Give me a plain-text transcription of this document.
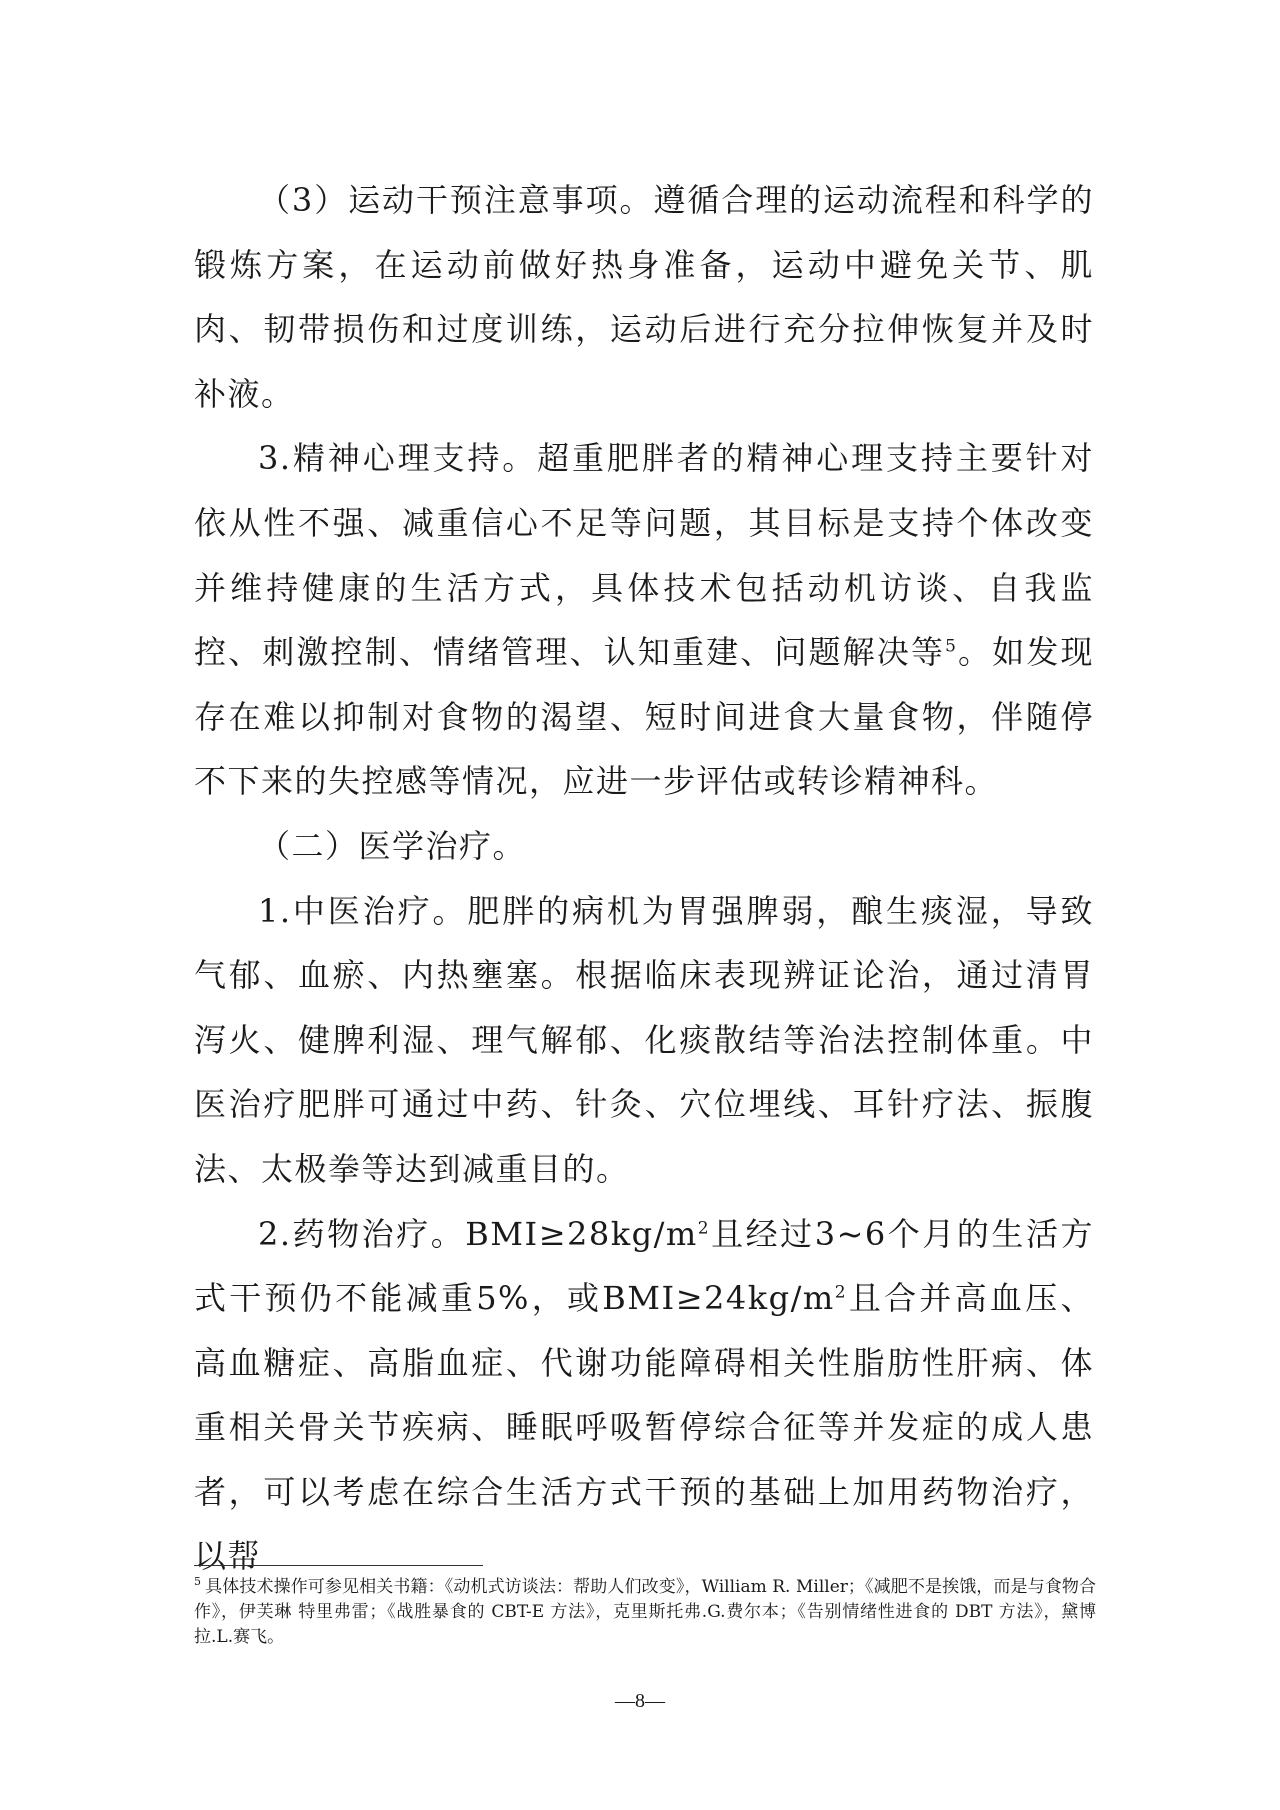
（3）运动干预注意事项。遵循合理的运动流程和科学的锻炼方案，在运动前做好热身准备，运动中避免关节、肌肉、韧带损伤和过度训练，运动后进行充分拉伸恢复并及时补液。

3.精神心理支持。超重肥胖者的精神心理支持主要针对依从性不强、减重信心不足等问题，其目标是支持个体改变并维持健康的生活方式，具体技术包括动机访谈、自我监控、刺激控制、情绪管理、认知重建、问题解决等$^5$。如发现存在难以抑制对食物的渴望、短时间进食大量食物，伴随停不下来的失控感等情况，应进一步评估或转诊精神科。

（二）医学治疗。

1.中医治疗。肥胖的病机为胃强脾弱，酿生痰湿，导致气郁、血瘀、内热壅塞。根据临床表现辨证论治，通过清胃泻火、健脾利湿、理气解郁、化痰散结等治法控制体重。中医治疗肥胖可通过中药、针灸、穴位埋线、耳针疗法、振腹法、太极拳等达到减重目的。

2.药物治疗。$BMI\ge 28kg/m^2$且经过3~6个月的生活方式干预仍不能减重5%，或$BMI\ge 24kg/m^2$且合并高血压、高血糖症、高脂血症、代谢功能障碍相关性脂肪性肝病、体重相关骨关节疾病、睡眠呼吸暂停综合征等并发症的成人患者，可以考虑在综合生活方式干预的基础上加用药物治疗，以帮

$^5$ 具体技术操作可参见相关书籍：《动机式访谈法：帮助人们改变》，William R. Miller；《减肥不是挨饿，而是与食物合作》，伊芙琳 特里弗雷；《战胜暴食的 CBT-E 方法》，克里斯托弗.G.费尔本；《告别情绪性进食的 DBT 方法》，黛博拉.L.赛飞。
—8—
